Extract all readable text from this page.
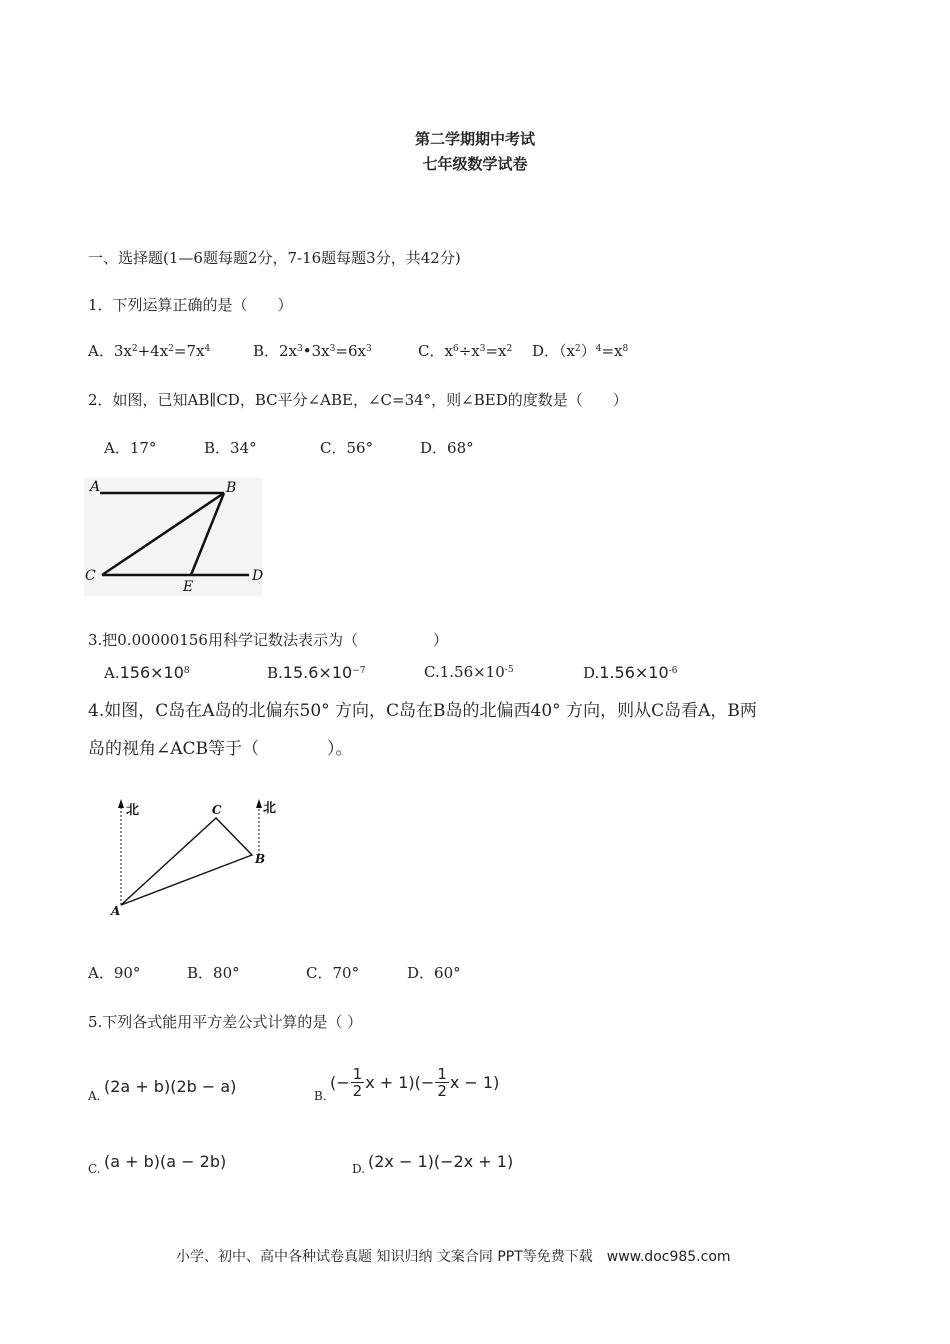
第二学期期中考试
七年级数学试卷
一、选择题(1—6题每题2分，7-16题每题3分，共42分)
1．下列运算正确的是（　　）
A．$3x^2+4x^2=7x^4$	B．$2x^3•3x^3=6x^3$	C．$x^6\div x^3=x^2$ D．$(x^2)^4=x^8$
2．如图，已知AB∥CD，BC平分∠ABE，∠C=34°，则∠BED的度数是（　　）
A．17°	B．34°	C．56°	D．68°
A	B
C
E
D
3.把0.00000156用科学记数法表示为（　　　　　）
$A.156\times 10^8$	$B.15.6\times 10^{-7}$	$C.1.56\times 10^{-5}$	$D.1.56\times 10^{-6}$
4.如图，C岛在A岛的北偏东50° 方向，C岛在B岛的北偏西40° 方向，则从C岛看A，B两
岛的视角∠ACB等于（　　　　）。
北	北
A
C
B
A．90°	B．80°	C．70°	D．60°
5.下列各式能用平方差公式计算的是（ ）
A. (2a + b)(2b − a)	B.
(− $\frac{1}{2}$ $x + 1)(- \frac{1}{2}$ x − 1)
C. (a + b)(a − 2b)	D. (2x − 1)(−2x + 1)
小学、初中、高中各种试卷真题 知识归纳 文案合同 PPT等免费下载　www.doc985.com
